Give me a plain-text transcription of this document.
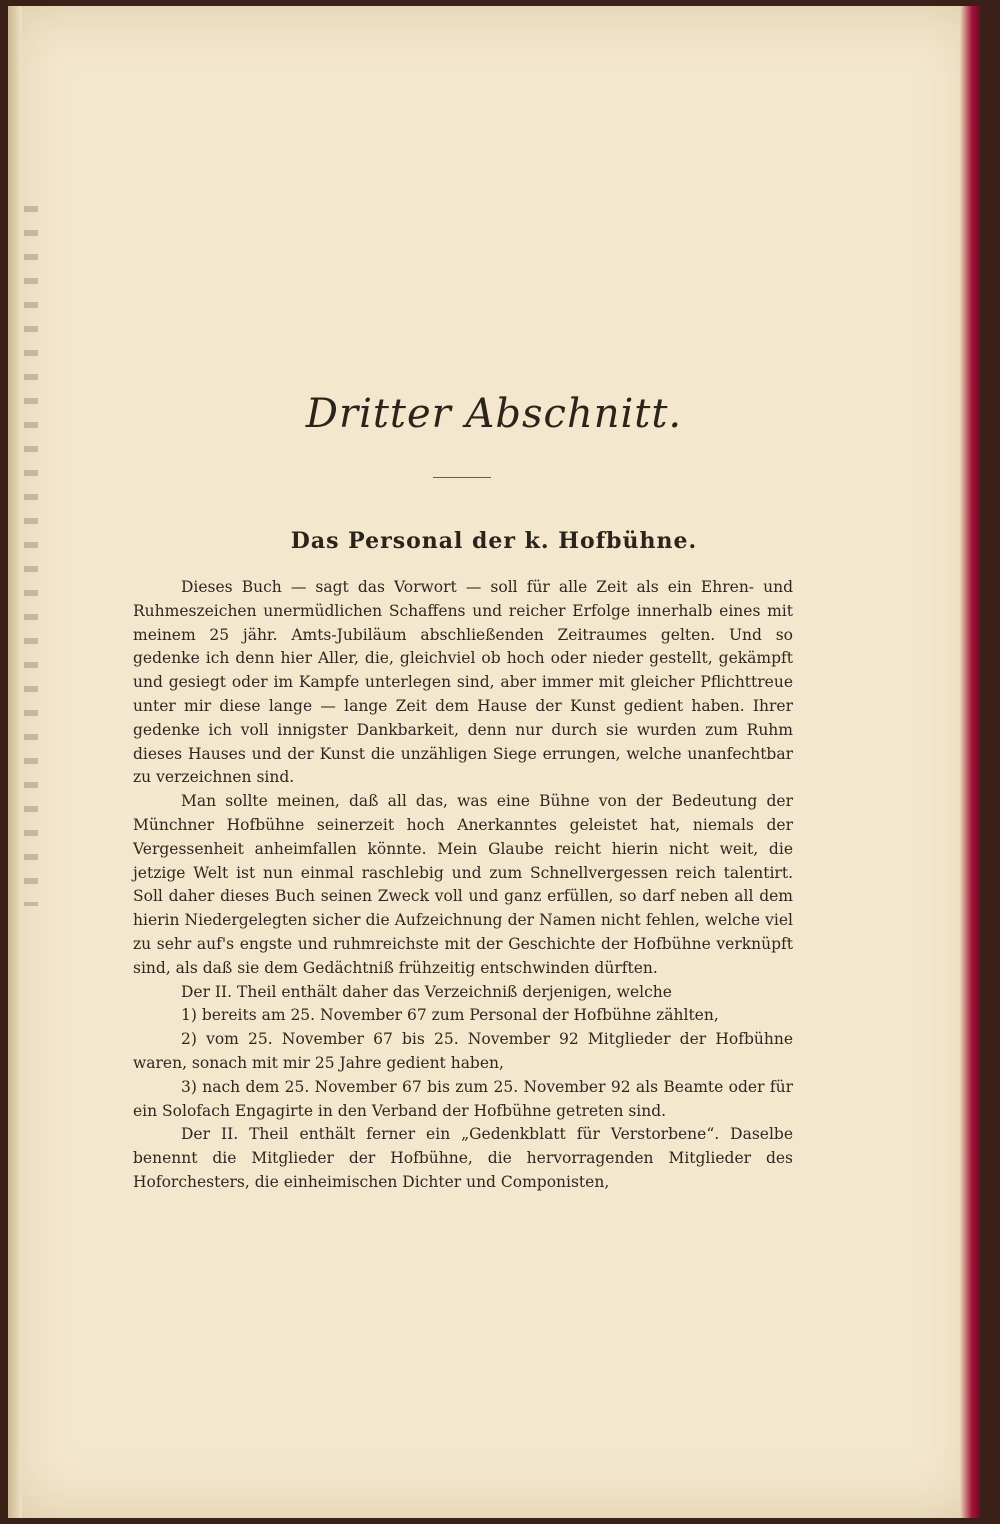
Dritter Abschnitt.
Das Personal der k. Hofbühne.

Dieses Buch — sagt das Vorwort — soll für alle Zeit als ein Ehren- und Ruhmeszeichen unermüdlichen Schaffens und reicher Erfolge innerhalb eines mit meinem 25 jähr. Amts-Jubiläum abschließenden Zeitraumes gelten. Und so gedenke ich denn hier Aller, die, gleichviel ob hoch oder nieder gestellt, gekämpft und gesiegt oder im Kampfe unterlegen sind, aber immer mit gleicher Pflichttreue unter mir diese lange — lange Zeit dem Hause der Kunst gedient haben. Ihrer gedenke ich voll innigster Dankbarkeit, denn nur durch sie wurden zum Ruhm dieses Hauses und der Kunst die unzähligen Siege errungen, welche unanfechtbar zu verzeichnen sind.

Man sollte meinen, daß all das, was eine Bühne von der Bedeutung der Münchner Hofbühne seinerzeit hoch Anerkanntes geleistet hat, niemals der Vergessenheit anheimfallen könnte. Mein Glaube reicht hierin nicht weit, die jetzige Welt ist nun einmal raschlebig und zum Schnellvergessen reich talentirt. Soll daher dieses Buch seinen Zweck voll und ganz erfüllen, so darf neben all dem hierin Niedergelegten sicher die Aufzeichnung der Namen nicht fehlen, welche viel zu sehr auf's engste und ruhmreichste mit der Geschichte der Hofbühne verknüpft sind, als daß sie dem Gedächtniß frühzeitig entschwinden dürften.

Der II. Theil enthält daher das Verzeichniß derjenigen, welche

1) bereits am 25. November 67 zum Personal der Hofbühne zählten,

2) vom 25. November 67 bis 25. November 92 Mitglieder der Hofbühne waren, sonach mit mir 25 Jahre gedient haben,

3) nach dem 25. November 67 bis zum 25. November 92 als Beamte oder für ein Solofach Engagirte in den Verband der Hofbühne getreten sind.

Der II. Theil enthält ferner ein „Gedenkblatt für Verstorbene“. Daselbe benennt die Mitglieder der Hofbühne, die hervorragenden Mitglieder des Hoforchesters, die einheimischen Dichter und Componisten,
